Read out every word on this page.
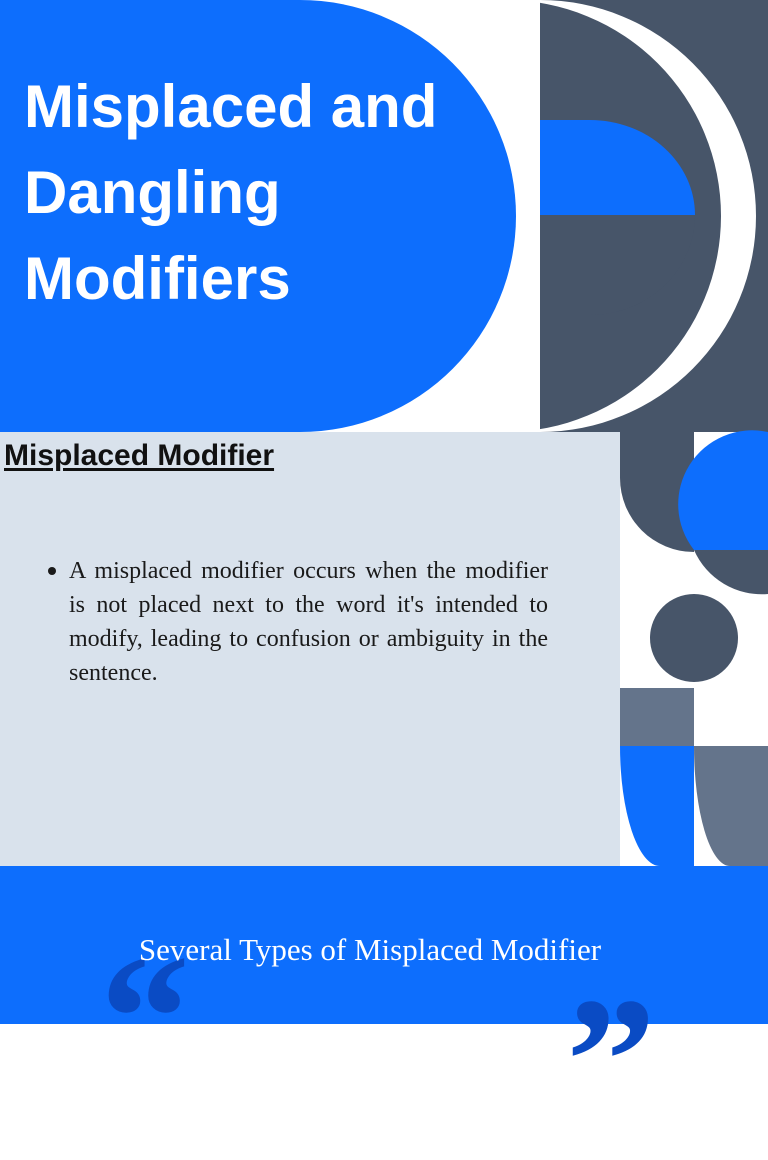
Misplaced and Dangling Modifiers
Misplaced Modifier
A misplaced modifier occurs when the modifier is not placed next to the word it's intended to modify, leading to confusion or ambiguity in the sentence.
“ ”

Several Types of Misplaced Modifier
